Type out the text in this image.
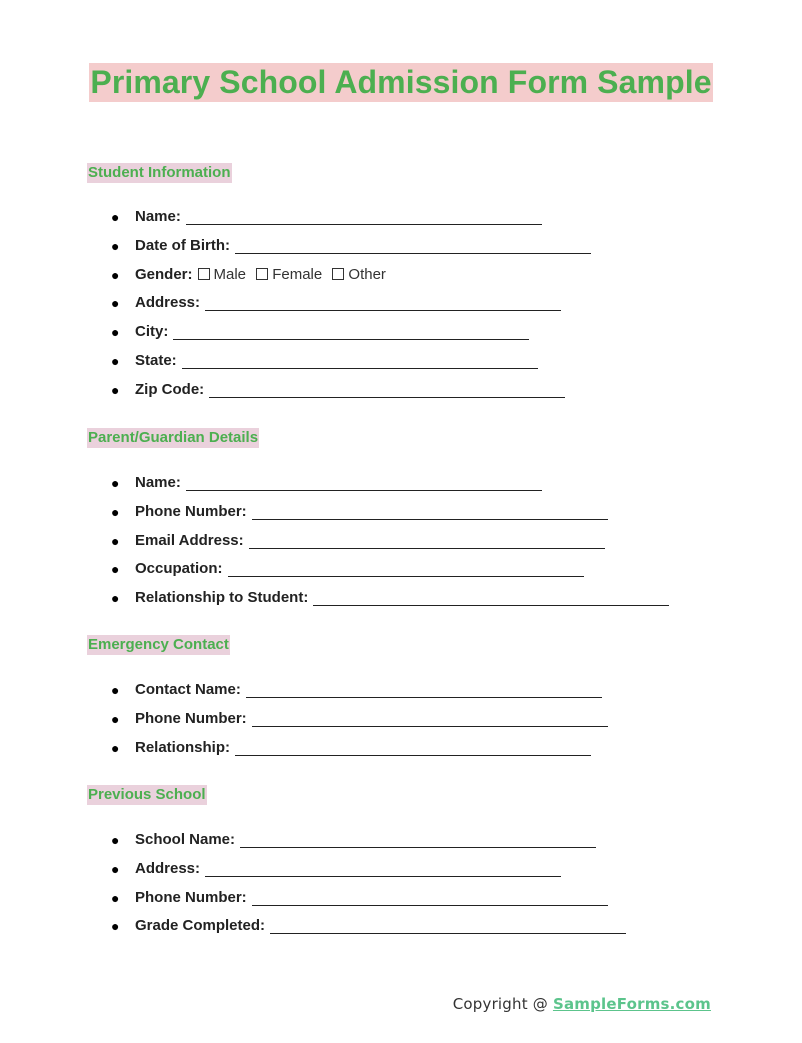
Primary School Admission Form Sample
Student Information
●	Name:
●	Date of Birth:
●	Gender:	Male Female Other
●	Address:
●	City:
●	State:
●	Zip Code:
Parent/Guardian Details
●	Name:
●	Phone Number:
●	Email Address:
●	Occupation:
●	Relationship to Student:
Emergency Contact
●	Contact Name:
●	Phone Number:
●	Relationship:
Previous School
●	School Name:
●	Address:
●	Phone Number:
●	Grade Completed:
Copyright @ SampleForms.com
